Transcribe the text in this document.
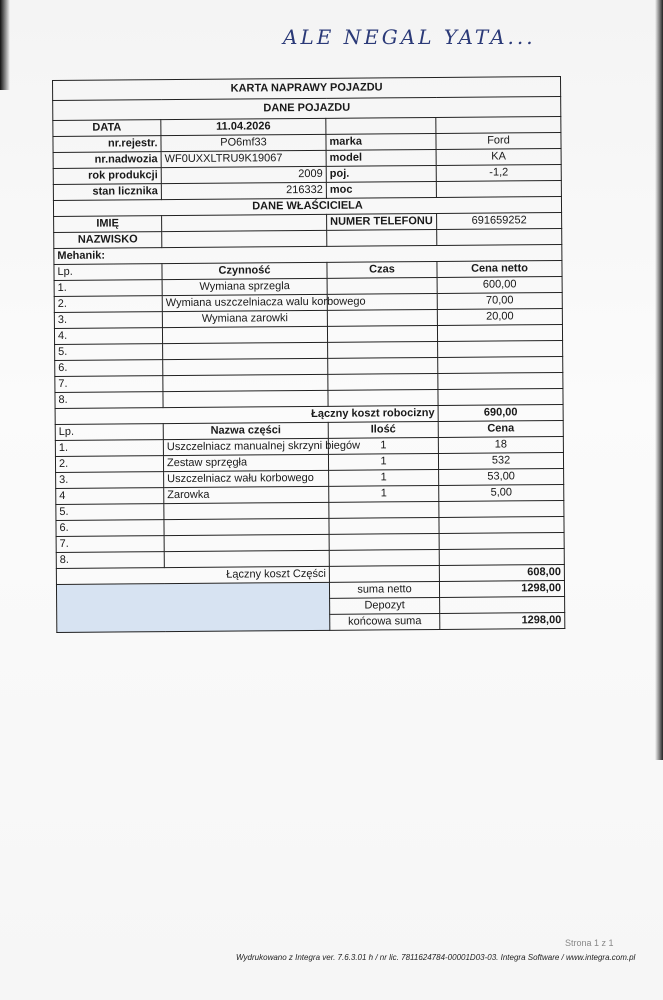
ALE NEGAL YATA...
KARTA NAPRAWY POJAZDU			
DANE POJAZDU			
DATA	11.04.2026		
nr.rejestr.	PO6mf33	marka	Ford
nr.nadwozia	WF0UXXLTRU9K19067	model	KA
rok produkcji	2009	poj.	-1,2
stan licznika	216332	moc	
DANE WŁAŚCICIELA			
IMIĘ		NUMER TELEFONU	691659252
NAZWISKO			
Mehanik:			
Lp.	Czynność	Czas	Cena netto
1.	Wymiana sprzegla		600,00
2.	Wymiana uszczelniacza walu korbowego		70,00
3.	Wymiana zarowki		20,00
4.			
5.			
6.			
7.			
8.			
Łączny koszt robocizny			690,00
Lp.	Nazwa części	Ilość	Cena
1.	Uszczelniacz manualnej skrzyni biegów	1	18
2.	Zestaw sprzęgła	1	532
3.	Uszczelniacz wału korbowego	1	53,00
4	Zarowka	1	5,00
5.			
6.			
7.			
8.			
Łączny koszt Części			608,00
		suma netto	1298,00
		Depozyt	
		końcowa suma	1298,00
Strona 1 z 1
Wydrukowano z Integra ver. 7.6.3.01 h / nr lic. 7811624784-00001D03-03. Integra Software / www.integra.com.pl
